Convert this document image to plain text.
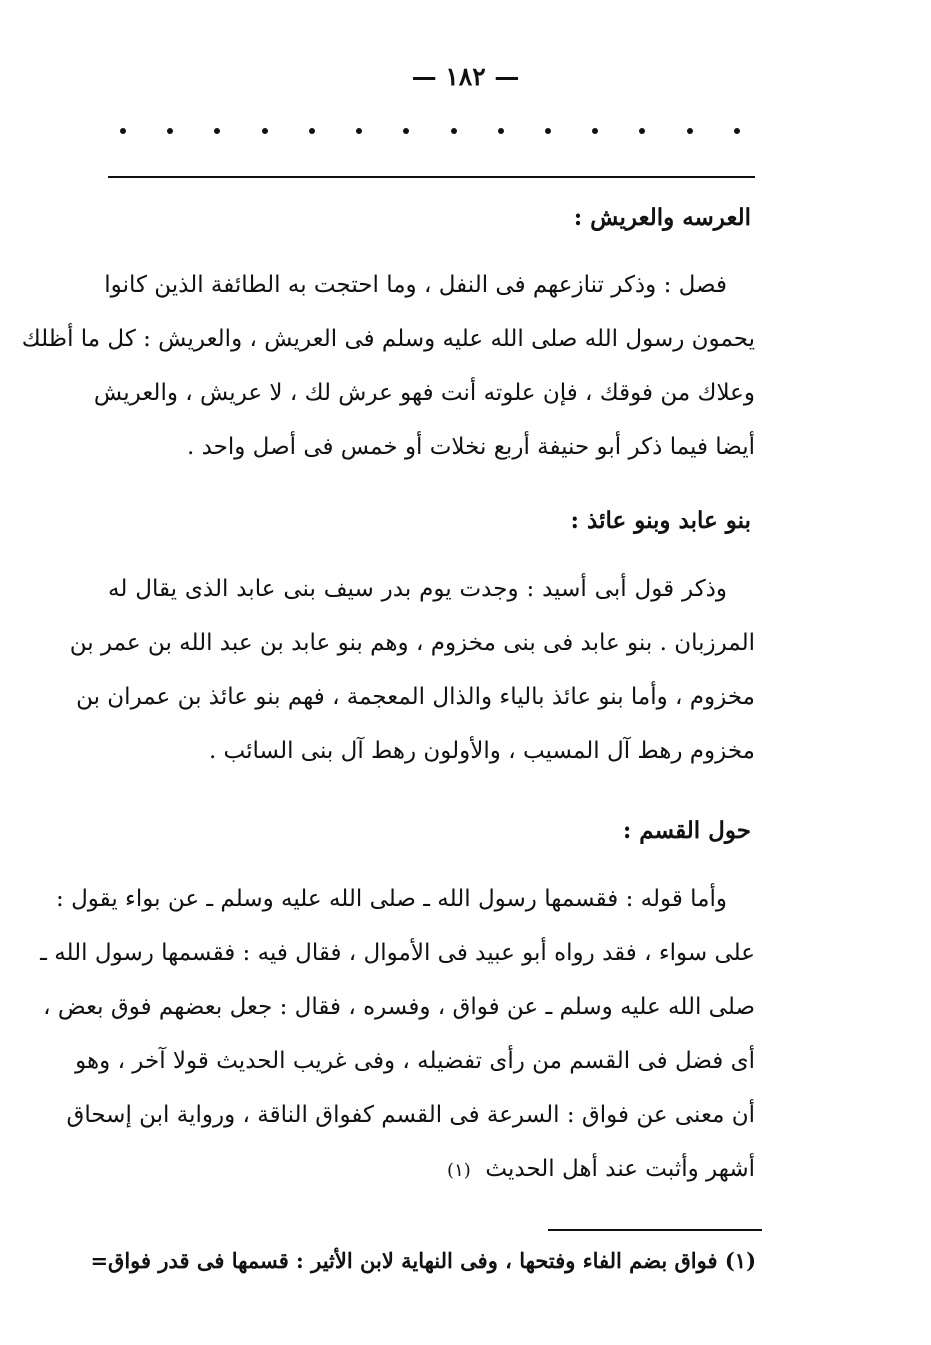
— ١٨٢ —
العرسه والعريش :
فصل : وذكر تنازعهم فى النفل ، وما احتجت به الطائفة الذين كانوا
يحمون رسول الله صلى الله عليه وسلم فى العريش ، والعريش : كل ما أظلك
وعلاك من فوقك ، فإن علوته أنت فهو عرش لك ، لا عريش ، والعريش
أيضا فيما ذكر أبو حنيفة أربع نخلات أو خمس فى أصل واحد .
بنو عابد وبنو عائذ :
وذكر قول أبى أسيد : وجدت يوم بدر سيف بنى عابد الذى يقال له
المرزبان . بنو عابد فى بنى مخزوم ، وهم بنو عابد بن عبد الله بن عمر بن
مخزوم ، وأما بنو عائذ بالياء والذال المعجمة ، فهم بنو عائذ بن عمران بن
مخزوم رهط آل المسيب ، والأولون رهط آل بنى السائب .
حول القسم :
وأما قوله : فقسمها رسول الله ـ صلى الله عليه وسلم ـ عن بواء يقول :
على سواء ، فقد رواه أبو عبيد فى الأموال ، فقال فيه : فقسمها رسول الله ـ
صلى الله عليه وسلم ـ عن فواق ، وفسره ، فقال : جعل بعضهم فوق بعض ،
أى فضل فى القسم من رأى تفضيله ، وفى غريب الحديث قولا آخر ، وهو
أن معنى عن فواق : السرعة فى القسم كفواق الناقة ، ورواية ابن إسحاق
أشهر وأثبت عند أهل الحديث  (١)
(١) فواق بضم الفاء وفتحها ، وفى النهاية لابن الأثير : قسمها فى قدر فواق=
